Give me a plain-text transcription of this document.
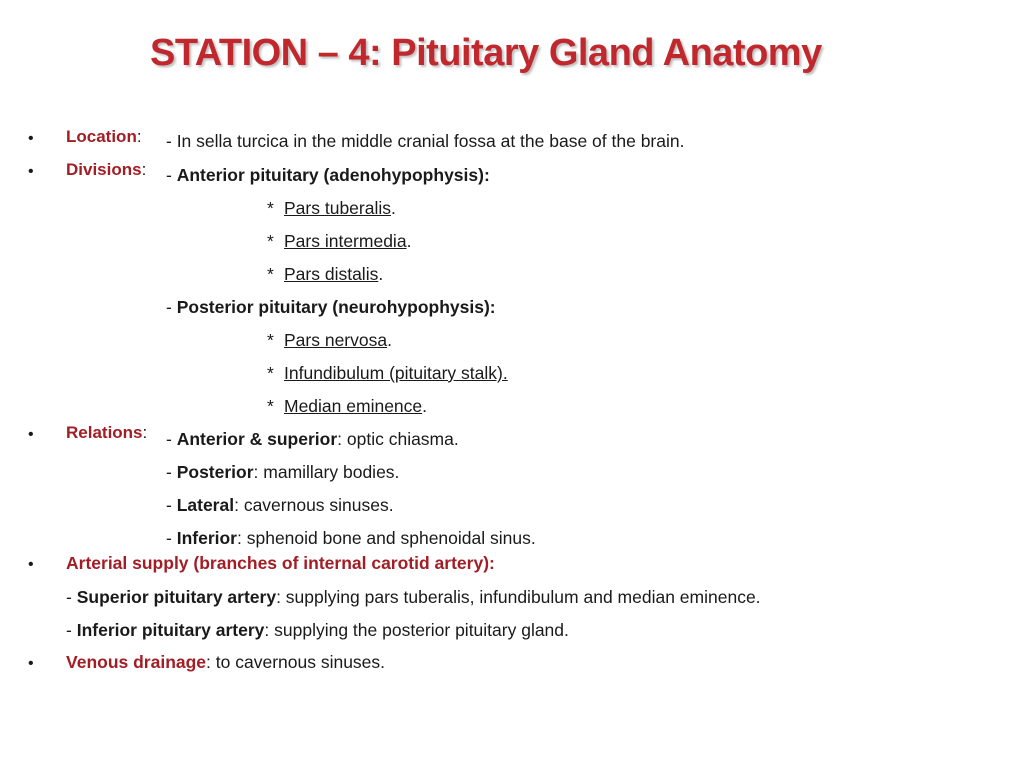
STATION – 4: Pituitary Gland Anatomy
• Location: - In sella turcica in the middle cranial fossa at the base of the brain.
• Divisions: - Anterior pituitary (adenohypophysis):
* Pars tuberalis.
* Pars intermedia.
* Pars distalis.
- Posterior pituitary (neurohypophysis):
* Pars nervosa.
* Infundibulum (pituitary stalk).
* Median eminence.
• Relations: - Anterior & superior: optic chiasma.
- Posterior: mamillary bodies.
- Lateral: cavernous sinuses.
- Inferior: sphenoid bone and sphenoidal sinus.
• Arterial supply (branches of internal carotid artery):
- Superior pituitary artery: supplying pars tuberalis, infundibulum and median eminence.
- Inferior pituitary artery: supplying the posterior pituitary gland.
• Venous drainage: to cavernous sinuses.
